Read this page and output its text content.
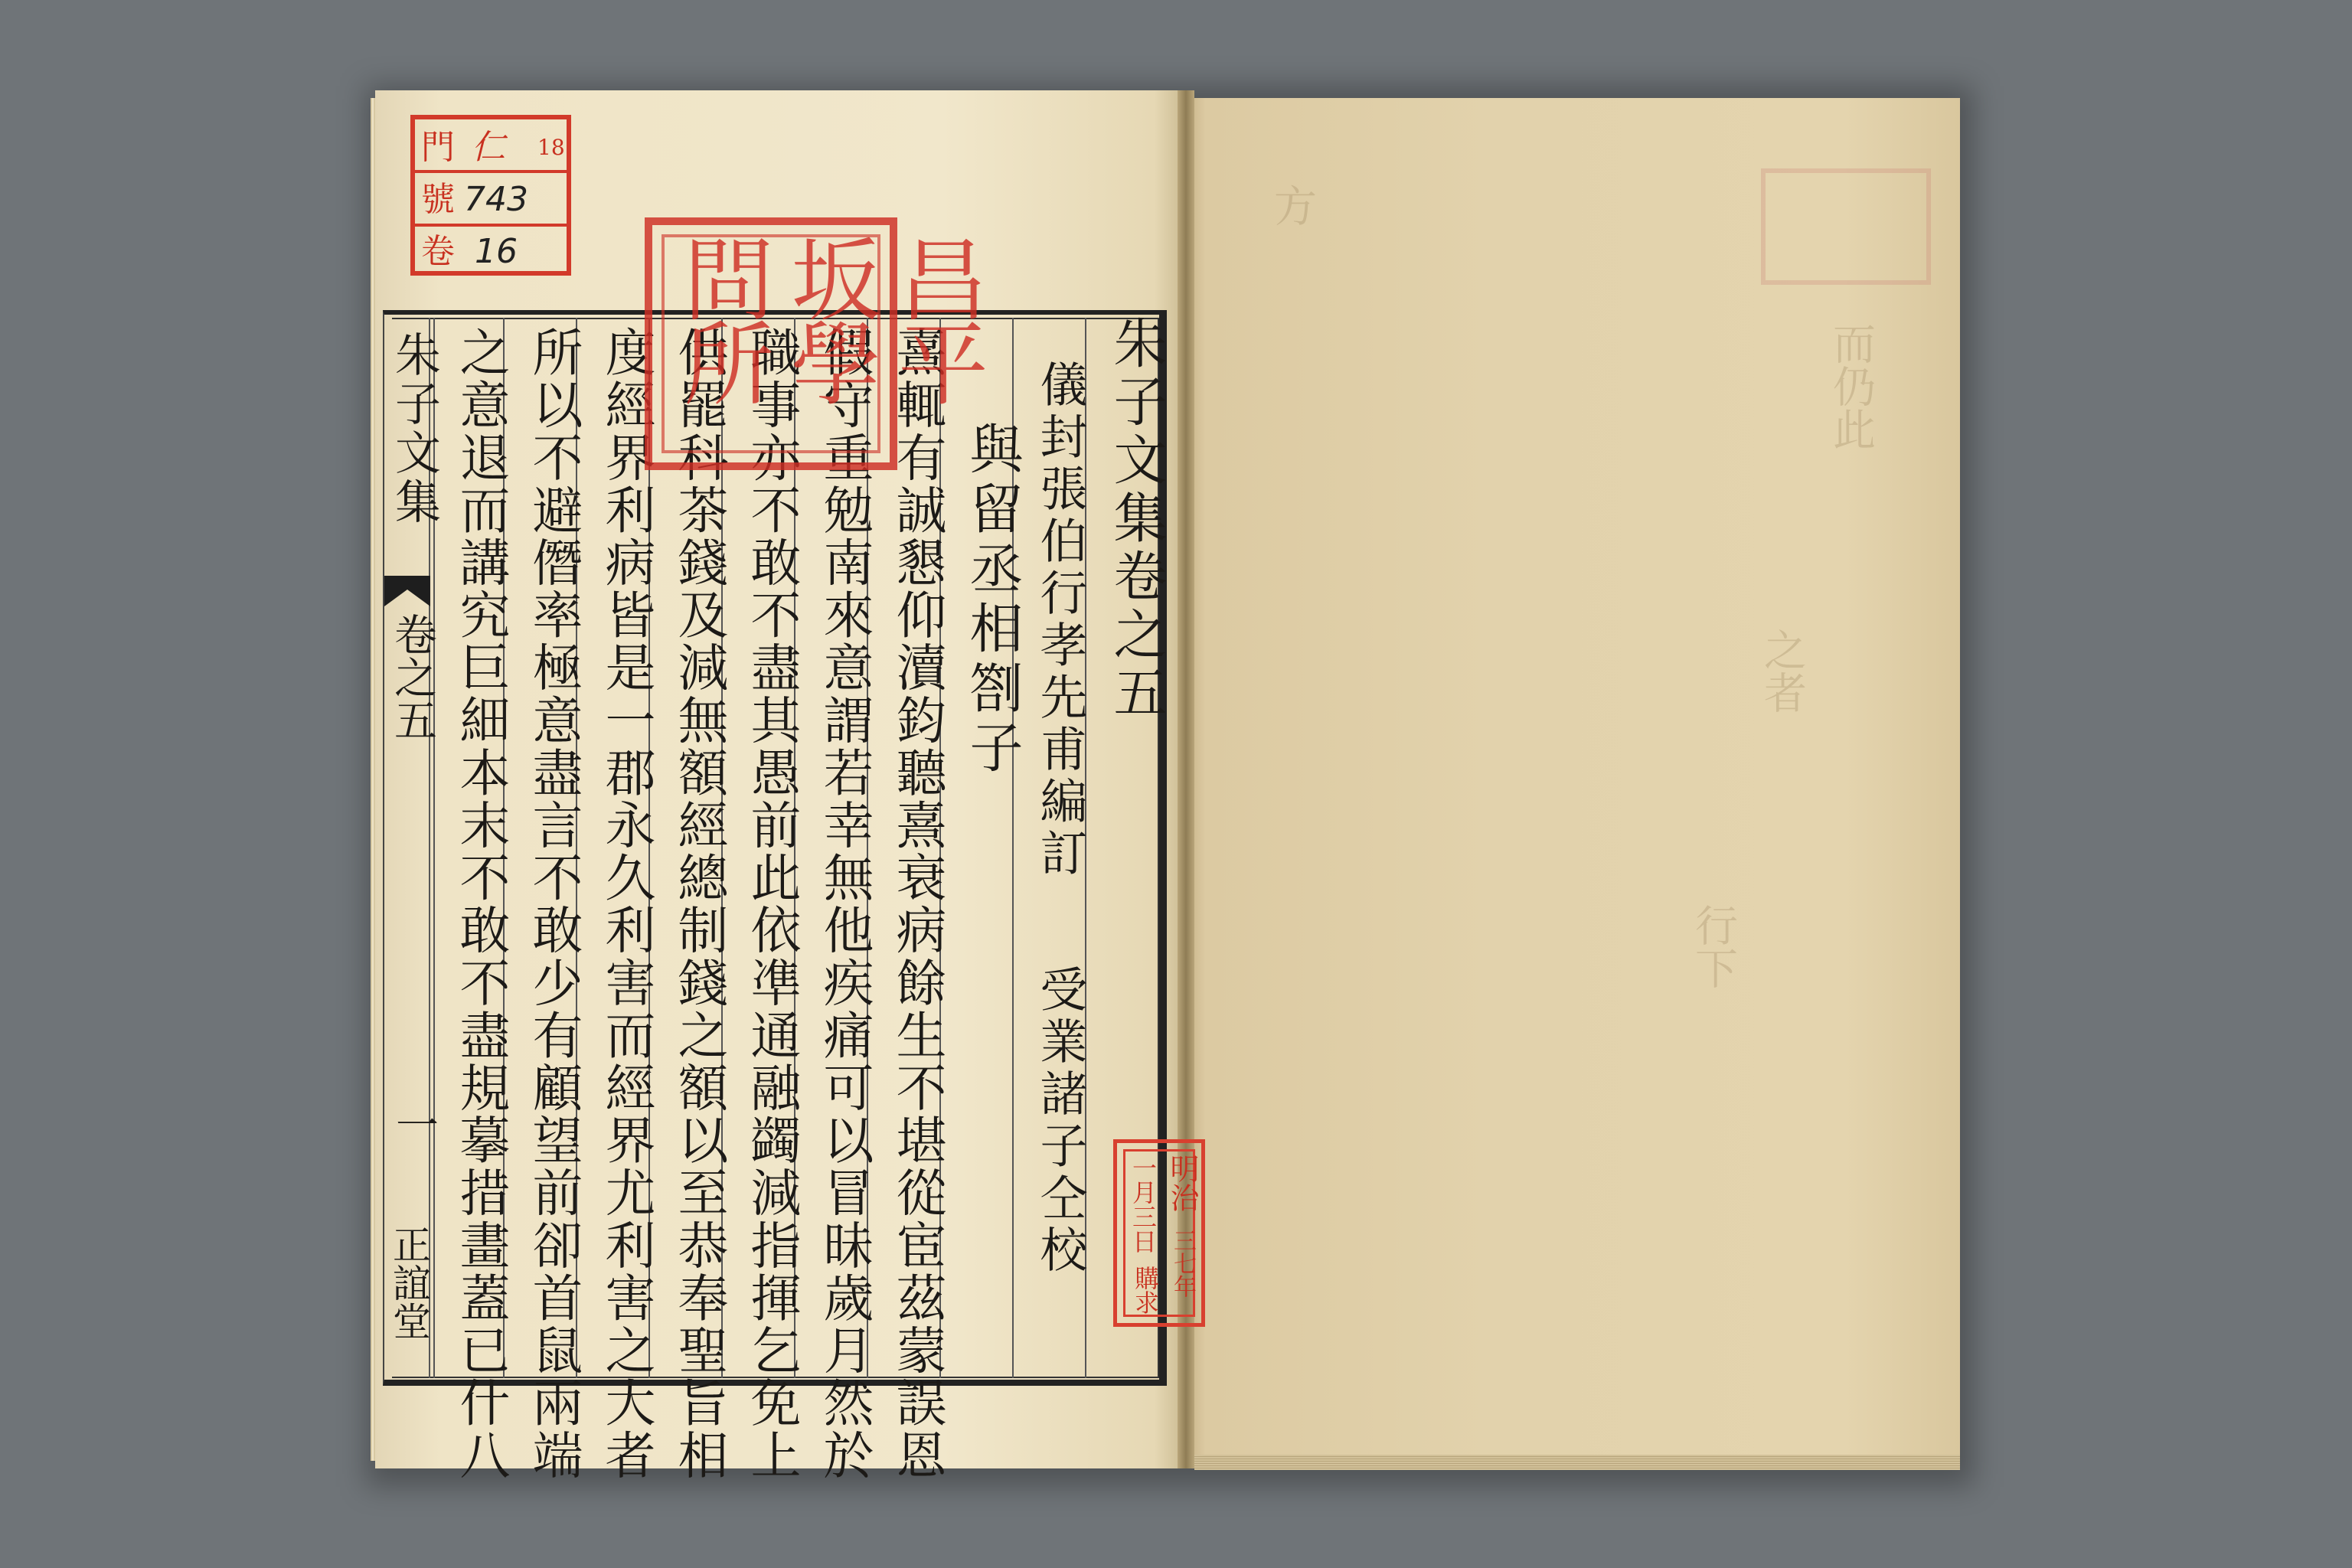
而仍此
之者
行下
方
朱子文集
卷之五
一
正誼堂
朱子文集卷之五
儀封張伯行孝先甫編訂
受業諸子仝校
與留丞相劄子
熹輒有誠懇仰瀆鈞聽熹衰病餘生不堪從宦茲蒙誤恩
假守重勉南來意謂若幸無他疾痛可以冒昧歲月然於
職事亦不敢不盡其愚前此依凖通融蠲減指揮乞免上
供罷科茶錢及減無額經總制錢之額以至恭奉聖旨相
度經界利病皆是一郡永久利害而經界尤利害之大者
所以不避僭率極意盡言不敢少有顧望前卻首鼠兩端
之意退而講究巨細本末不敢不盡規摹措畫蓋已什八
門 仁 18
號 743
卷 16	昌平坂學問所
明治
三七年
一月三日
購求
